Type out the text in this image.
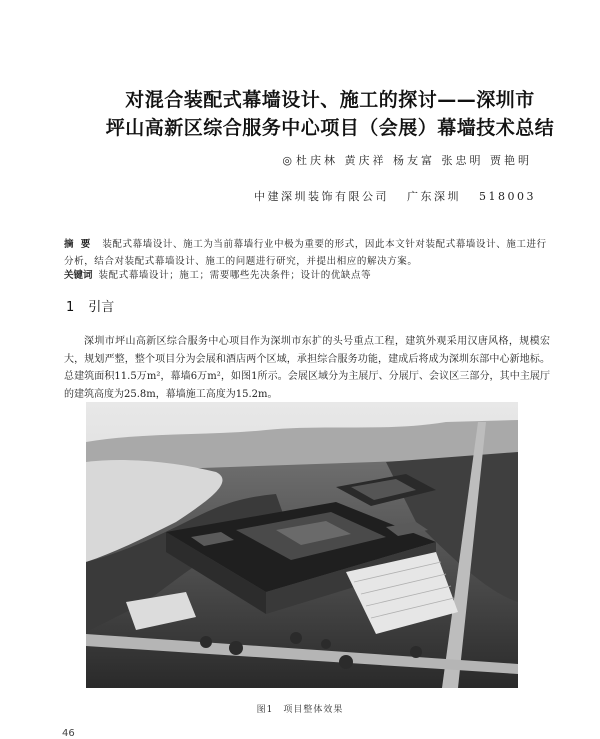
对混合装配式幕墙设计、施工的探讨——深圳市
坪山高新区综合服务中心项目（会展）幕墙技术总结
◎ 杜庆林 黄庆祥 杨友富 张忠明 贾艳明
中建深圳装饰有限公司 广东深圳 518003
摘 要 装配式幕墙设计、施工为当前幕墙行业中极为重要的形式，因此本文针对装配式幕墙设计、施工进行分析，结合对装配式幕墙设计、施工的问题进行研究，并提出相应的解决方案。
关键词 装配式幕墙设计；施工；需要哪些先决条件；设计的优缺点等
1 引言
深圳市坪山高新区综合服务中心项目作为深圳市东扩的头号重点工程，建筑外观采用汉唐风格，规模宏大，规划严整，整个项目分为会展和酒店两个区域，承担综合服务功能，建成后将成为深圳东部中心新地标。总建筑面积11.5万m²，幕墙6万m²，如图1所示。会展区域分为主展厅、分展厅、会议区三部分，其中主展厅的建筑高度为25.8m，幕墙施工高度为15.2m。
图1 项目整体效果
46
